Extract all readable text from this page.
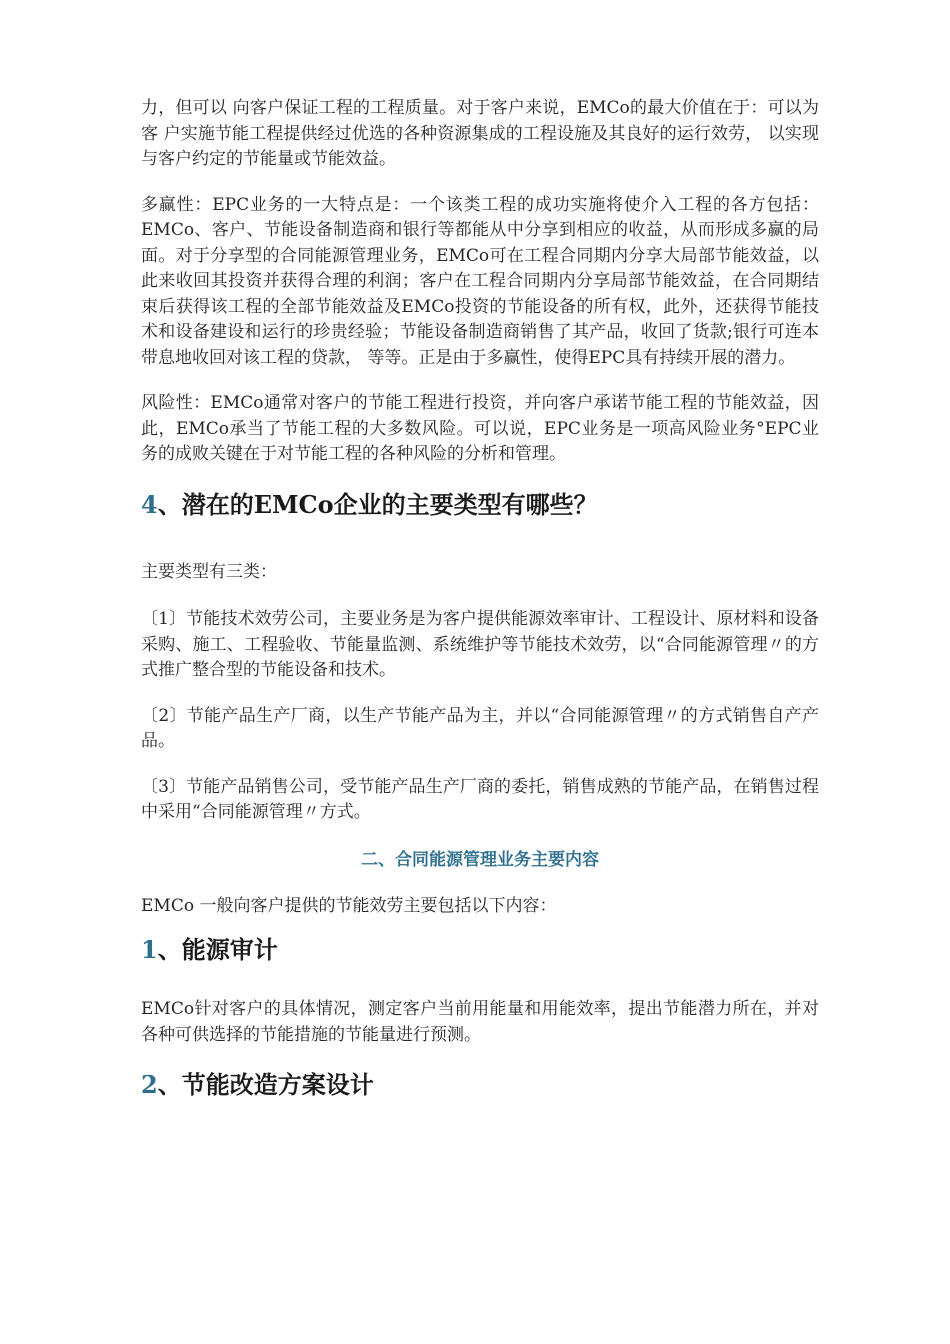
力，但可以 向客户保证工程的工程质量。对于客户来说，EMCo的最大价值在于：可以为客 户实施节能工程提供经过优选的各种资源集成的工程设施及其良好的运行效劳， 以实现与客户约定的节能量或节能效益。

多赢性：EPC业务的一大特点是：一个该类工程的成功实施将使介入工程的各方包括：EMCo、客户、节能设备制造商和银行等都能从中分享到相应的收益，从而形成多赢的局面。对于分享型的合同能源管理业务，EMCo可在工程合同期内分享大局部节能效益，以此来收回其投资并获得合理的利润；客户在工程合同期内分享局部节能效益，在合同期结束后获得该工程的全部节能效益及EMCo投资的节能设备的所有权，此外，还获得节能技术和设备建设和运行的珍贵经验；节能设备制造商销售了其产品，收回了货款;银行可连本带息地收回对该工程的贷款， 等等。正是由于多赢性，使得EPC具有持续开展的潜力。

风险性：EMCo通常对客户的节能工程进行投资，并向客户承诺节能工程的节能效益，因此，EMCo承当了节能工程的大多数风险。可以说，EPC业务是一项高风险业务°EPC业务的成败关键在于对节能工程的各种风险的分析和管理。

4、潜在的EMCo企业的主要类型有哪些？

主要类型有三类：

〔1〕节能技术效劳公司，主要业务是为客户提供能源效率审计、工程设计、原材料和设备采购、施工、工程验收、节能量监测、系统维护等节能技术效劳，以“合同能源管理〃的方式推广整合型的节能设备和技术。

〔2〕节能产品生产厂商，以生产节能产品为主，并以“合同能源管理〃的方式销售自产产品。

〔3〕节能产品销售公司，受节能产品生产厂商的委托，销售成熟的节能产品，在销售过程中采用“合同能源管理〃方式。

二、合同能源管理业务主要内容

EMCo 一般向客户提供的节能效劳主要包括以下内容：

1、能源审计

EMCo针对客户的具体情况，测定客户当前用能量和用能效率，提出节能潜力所在，并对各种可供选择的节能措施的节能量进行预测。

2、节能改造方案设计
